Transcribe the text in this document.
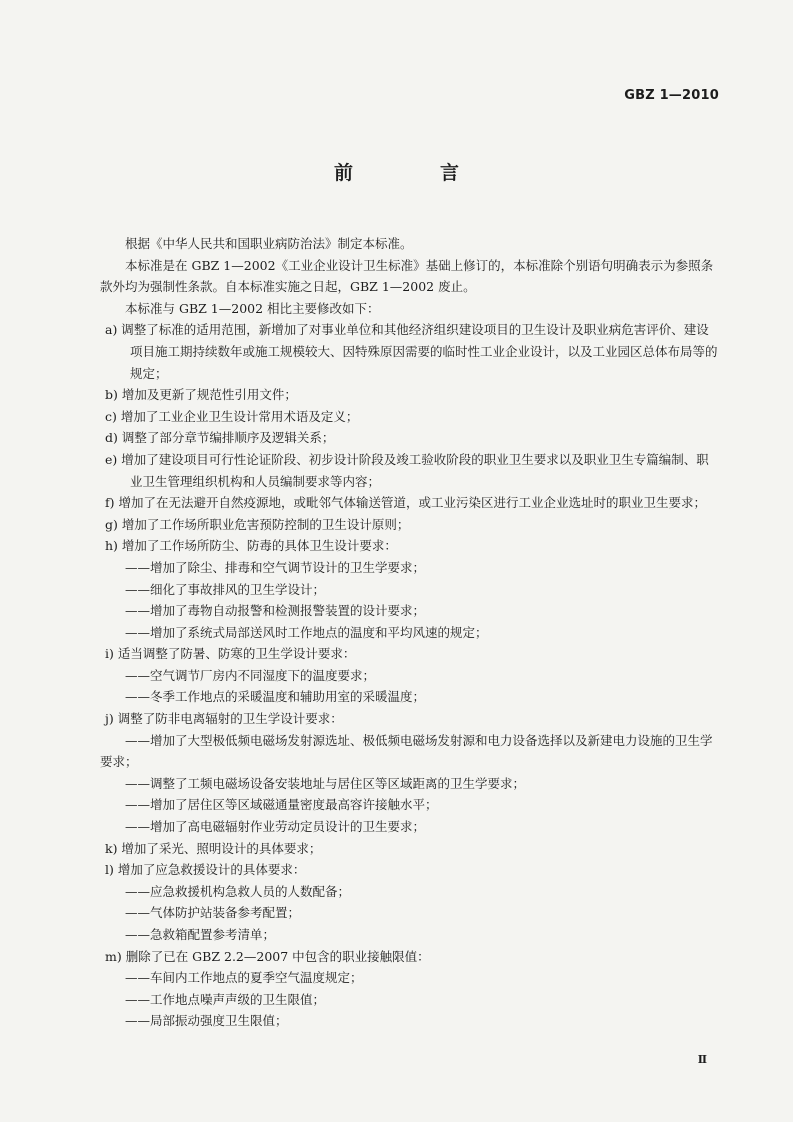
GBZ 1—2010
前　言

根据《中华人民共和国职业病防治法》制定本标准。

本标准是在 GBZ 1—2002《工业企业设计卫生标准》基础上修订的，本标准除个别语句明确表示为参照条款外均为强制性条款。自本标准实施之日起，GBZ 1—2002 废止。

本标准与 GBZ 1—2002 相比主要修改如下：

a) 调整了标准的适用范围，新增加了对事业单位和其他经济组织建设项目的卫生设计及职业病危害评价、建设项目施工期持续数年或施工规模较大、因特殊原因需要的临时性工业企业设计，以及工业园区总体布局等的规定；

b) 增加及更新了规范性引用文件；

c) 增加了工业企业卫生设计常用术语及定义；

d) 调整了部分章节编排顺序及逻辑关系；

e) 增加了建设项目可行性论证阶段、初步设计阶段及竣工验收阶段的职业卫生要求以及职业卫生专篇编制、职业卫生管理组织机构和人员编制要求等内容；

f) 增加了在无法避开自然疫源地，或毗邻气体输送管道，或工业污染区进行工业企业选址时的职业卫生要求；

g) 增加了工作场所职业危害预防控制的卫生设计原则；

h) 增加了工作场所防尘、防毒的具体卫生设计要求：

——增加了除尘、排毒和空气调节设计的卫生学要求；

——细化了事故排风的卫生学设计；

——增加了毒物自动报警和检测报警装置的设计要求；

——增加了系统式局部送风时工作地点的温度和平均风速的规定；

i) 适当调整了防暑、防寒的卫生学设计要求：

——空气调节厂房内不同湿度下的温度要求；

——冬季工作地点的采暖温度和辅助用室的采暖温度；

j) 调整了防非电离辐射的卫生学设计要求：

——增加了大型极低频电磁场发射源选址、极低频电磁场发射源和电力设备选择以及新建电力设施的卫生学要求；

——调整了工频电磁场设备安装地址与居住区等区域距离的卫生学要求；

——增加了居住区等区域磁通量密度最高容许接触水平；

——增加了高电磁辐射作业劳动定员设计的卫生要求；

k) 增加了采光、照明设计的具体要求；

l) 增加了应急救援设计的具体要求：

——应急救援机构急救人员的人数配备；

——气体防护站装备参考配置；

——急救箱配置参考清单；

m) 删除了已在 GBZ 2.2—2007 中包含的职业接触限值：

——车间内工作地点的夏季空气温度规定；

——工作地点噪声声级的卫生限值；

——局部振动强度卫生限值；

Ⅱ
